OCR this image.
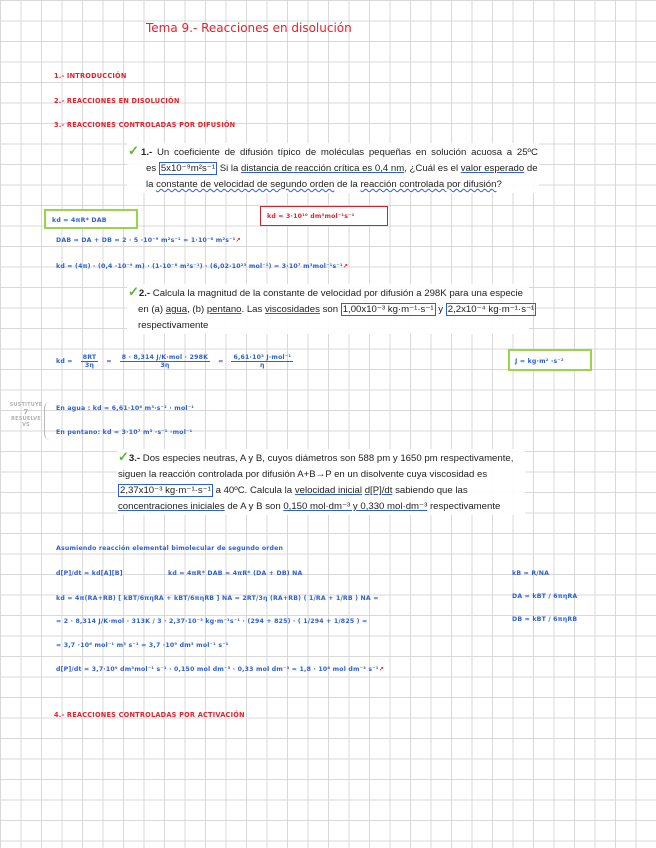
Tema 9.- Reacciones en disolución
1.- INTRODUCCIÓN
2.- REACCIONES EN DISOLUCIÓN
3.- REACCIONES CONTROLADAS POR DIFUSIÓN
✓1.- Un coeficiente de difusión típico de moléculas pequeñas en solución acuosa a 25ºC
es 5x10⁻⁹m²s⁻¹ Si la distancia de reacción crítica es 0,4 nm, ¿Cuál es el valor esperado de
la constante de velocidad de segundo orden de la reacción controlada por difusión?
kd = 4πR* DAB
kd = 3·10¹⁰ dm³mol⁻¹s⁻¹
DAB = DA + DB = 2 · 5 ·10⁻⁹ m²s⁻¹ = 1·10⁻⁸ m²s⁻¹↗
kd = (4π) · (0,4 ·10⁻⁹ m) · (1·10⁻⁸ m²s⁻¹) · (6,02·10²³ mol⁻¹) = 3·10⁷ m³mol⁻¹s⁻¹↗
✓2.- Calcula la magnitud de la constante de velocidad por difusión a 298K para una especie
en (a) agua, (b) pentano. Las viscosidades son 1,00x10⁻³ kg·m⁻¹·s⁻¹ y 2,2x10⁻⁴ kg·m⁻¹·s⁻¹
respectivamente
kd = $\frac{8RT}{3\eta}$ =
8 · 8,314 J/K·mol · 298K
3η
=
6,61·10³ J·mol⁻¹
η
J = kg·m² ·s⁻²
SUSTITUYE
7
RESUELVE
VS
En agua : kd = 6,61·10⁶ m³·s⁻¹ · mol⁻¹
En pentano: kd = 3·10⁷ m³ ·s⁻¹ ·mol⁻¹
✓3.- Dos especies neutras, A y B, cuyos diámetros son 588 pm y 1650 pm respectivamente,
siguen la reacción controlada por difusión A+B→P en un disolvente cuya viscosidad es
2,37x10⁻³ kg·m⁻¹·s⁻¹ a 40ºC. Calcula la velocidad inicial d[P]/dt sabiendo que las
concentraciones iniciales de A y B son 0,150 mol·dm⁻³ y 0,330 mol·dm⁻³ respectivamente
Asumiendo reacción elemental bimolecular de segundo orden
d[P]/dt = kd[A][B]	kd = 4πR* DAB = 4πR* (DA + DB) NA	kB = R/NA
kd = 4π(RA+RB) [ kBT/6πηRA + kBT/6πηRB ] NA = 2RT/3η (RA+RB) ( 1/RA + 1/RB ) NA =	DA = kBT / 6πηRA
DB = kBT / 6πηRB
= 2 · 8,314 J/K·mol · 313K / 3 · 2,37·10⁻³ kg·m⁻¹s⁻¹ · (294 + 825) · ( 1/294 + 1/825 ) =
= 3,7 ·10⁶ mol⁻¹ m³ s⁻¹ = 3,7 ·10⁹ dm³ mol⁻¹ s⁻¹
d[P]/dt = 3,7·10⁹ dm³mol⁻¹ s⁻¹ · 0,150 mol dm⁻³ · 0,33 mol dm⁻³ = 1,8 · 10⁸ mol dm⁻³ s⁻¹↗
4.- REACCIONES CONTROLADAS POR ACTIVACIÓN
